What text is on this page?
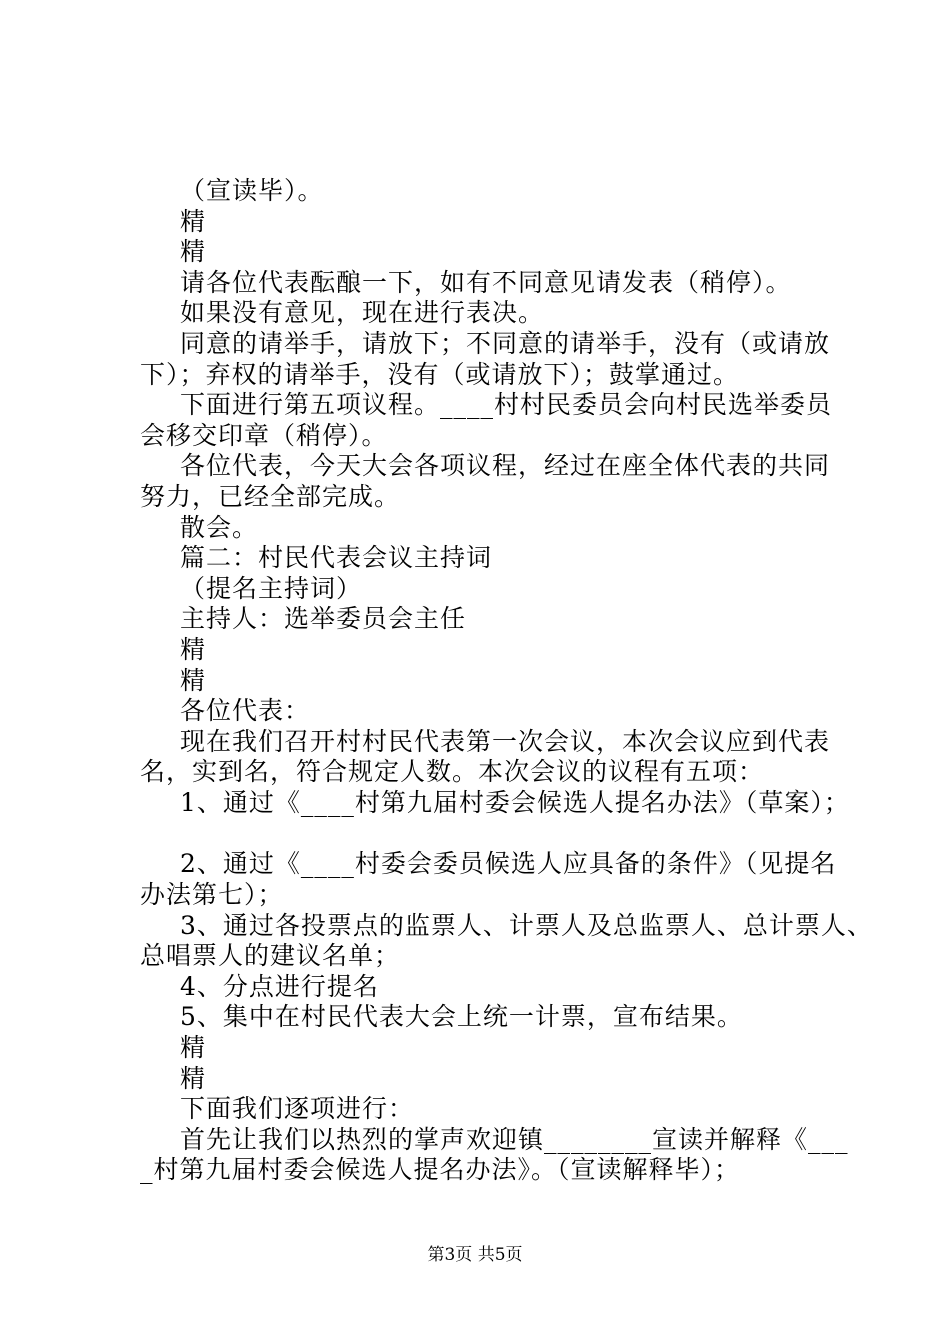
（宣读毕）。
精
精
请各位代表酝酿一下，如有不同意见请发表（稍停）。
如果没有意见，现在进行表决。
同意的请举手，请放下；不同意的请举手，没有（或请放
下）；弃权的请举手，没有（或请放下）；鼓掌通过。
下面进行第五项议程。____村村民委员会向村民选举委员
会移交印章（稍停）。
各位代表，今天大会各项议程，经过在座全体代表的共同
努力，已经全部完成。
散会。
篇二：村民代表会议主持词
（提名主持词）
主持人：选举委员会主任
精
精
各位代表：
现在我们召开村村民代表第一次会议，本次会议应到代表
名，实到名，符合规定人数。本次会议的议程有五项：
1、通过《____村第九届村委会候选人提名办法》（草案）；
2、通过《____村委会委员候选人应具备的条件》（见提名
办法第七）；
3、通过各投票点的监票人、计票人及总监票人、总计票人、
总唱票人的建议名单；
4、分点进行提名
5、集中在村民代表大会上统一计票，宣布结果。
精
精
下面我们逐项进行：
首先让我们以热烈的掌声欢迎镇________宣读并解释《___
_村第九届村委会候选人提名办法》。（宣读解释毕）；
第3页 共5页
